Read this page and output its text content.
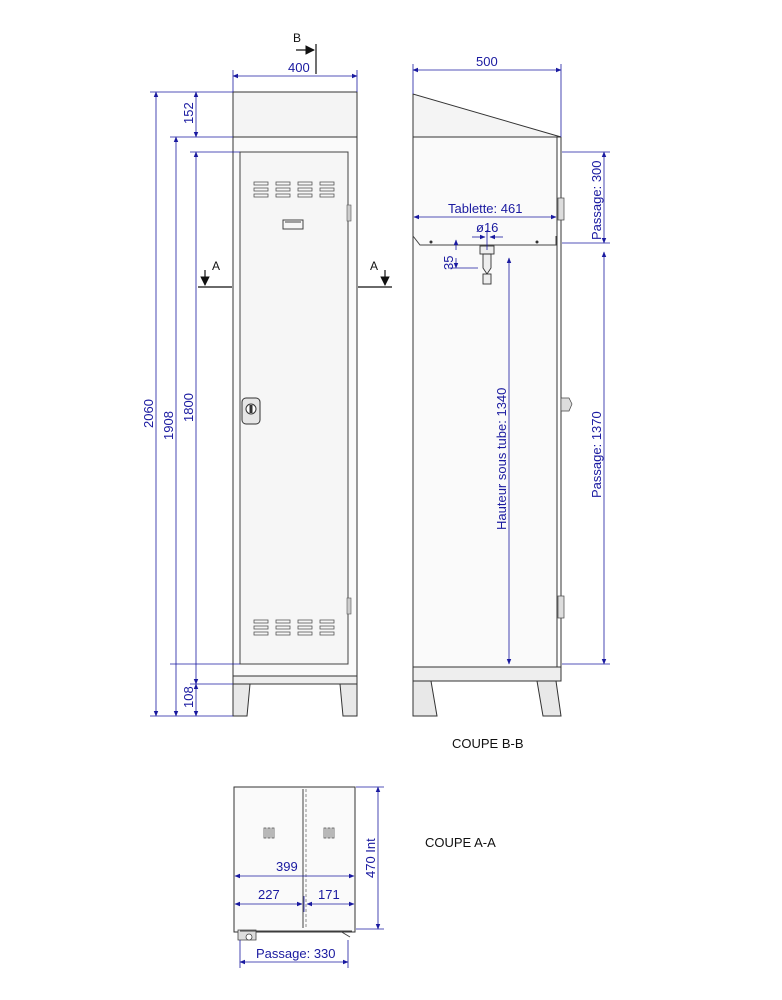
400
152
2060 1908
1800
108
B
A	A
500
Tablette: 461
ø16
35
Hauteur sous tube: 1340
Passage: 300
Passage: 1370
COUPE B-B
399
227	171
470 Int
Passage: 330
COUPE A-A
